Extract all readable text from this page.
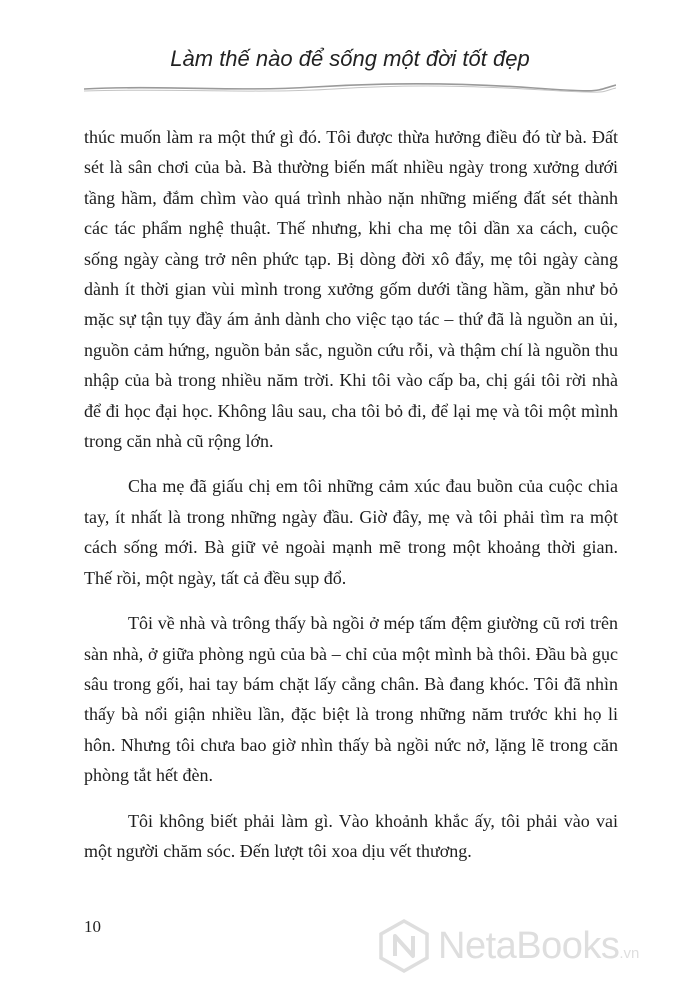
Làm thế nào để sống một đời tốt đẹp

thúc muốn làm ra một thứ gì đó. Tôi được thừa hưởng điều đó từ bà. Đất sét là sân chơi của bà. Bà thường biến mất nhiều ngày trong xưởng dưới tầng hầm, đắm chìm vào quá trình nhào nặn những miếng đất sét thành các tác phẩm nghệ thuật. Thế nhưng, khi cha mẹ tôi dần xa cách, cuộc sống ngày càng trở nên phức tạp. Bị dòng đời xô đẩy, mẹ tôi ngày càng dành ít thời gian vùi mình trong xưởng gốm dưới tầng hầm, gần như bỏ mặc sự tận tụy đầy ám ảnh dành cho việc tạo tác – thứ đã là nguồn an ủi, nguồn cảm hứng, nguồn bản sắc, nguồn cứu rỗi, và thậm chí là nguồn thu nhập của bà trong nhiều năm trời. Khi tôi vào cấp ba, chị gái tôi rời nhà để đi học đại học. Không lâu sau, cha tôi bỏ đi, để lại mẹ và tôi một mình trong căn nhà cũ rộng lớn.

Cha mẹ đã giấu chị em tôi những cảm xúc đau buồn của cuộc chia tay, ít nhất là trong những ngày đầu. Giờ đây, mẹ và tôi phải tìm ra một cách sống mới. Bà giữ vẻ ngoài mạnh mẽ trong một khoảng thời gian. Thế rồi, một ngày, tất cả đều sụp đổ.

Tôi về nhà và trông thấy bà ngồi ở mép tấm đệm giường cũ rơi trên sàn nhà, ở giữa phòng ngủ của bà – chỉ của một mình bà thôi. Đầu bà gục sâu trong gối, hai tay bám chặt lấy cẳng chân. Bà đang khóc. Tôi đã nhìn thấy bà nổi giận nhiều lần, đặc biệt là trong những năm trước khi họ li hôn. Nhưng tôi chưa bao giờ nhìn thấy bà ngồi nức nở, lặng lẽ trong căn phòng tắt hết đèn.

Tôi không biết phải làm gì. Vào khoảnh khắc ấy, tôi phải vào vai một người chăm sóc. Đến lượt tôi xoa dịu vết thương.

10	NetaBooks .vn
